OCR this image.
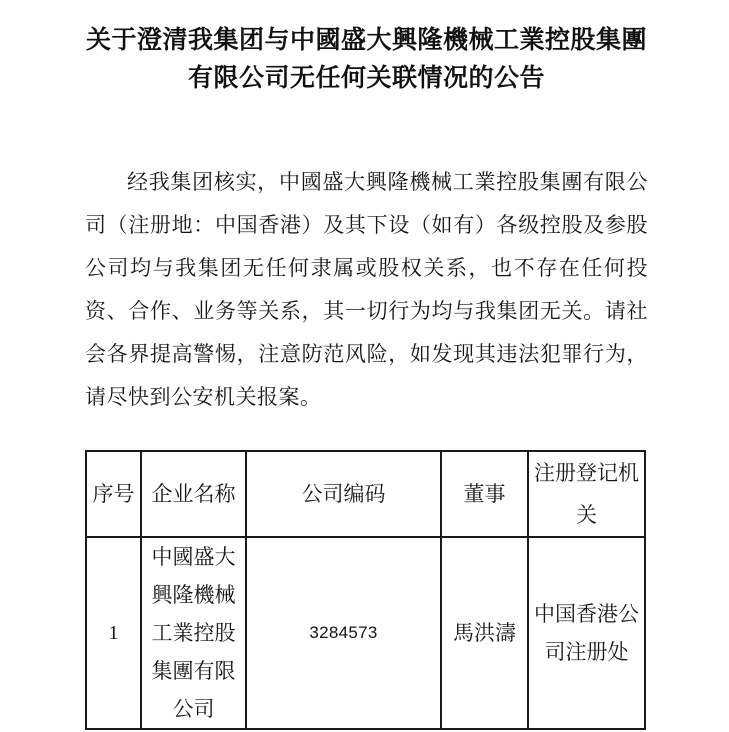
关于澄清我集团与中國盛大興隆機械工業控股集團
有限公司无任何关联情况的公告

经我集团核实，中國盛大興隆機械工業控股集團有限公司（注册地：中国香港）及其下设（如有）各级控股及参股公司均与我集团无任何隶属或股权关系，也不存在任何投资、合作、业务等关系，其一切行为均与我集团无关。请社会各界提高警惕，注意防范风险，如发现其违法犯罪行为，请尽快到公安机关报案。

序号	企业名称	公司编码	董事	注册登记机关
1	中國盛大興隆機械工業控股集團有限公司	3284573	馬洪濤	中国香港公司注册处
